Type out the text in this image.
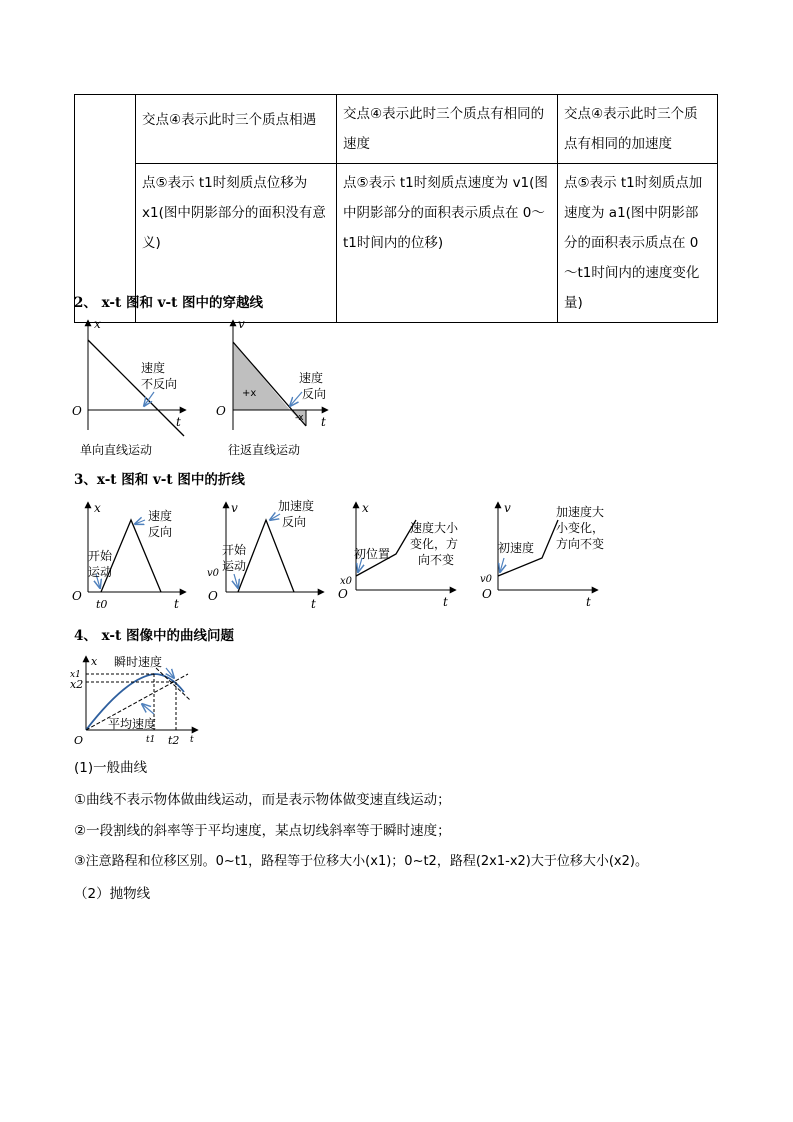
	交点④表示此时三个质点相遇	交点④表示此时三个质点有相同的速度	交点④表示此时三个质点有相同的加速度
	点⑤表示 t1时刻质点位移为 x1(图中阴影部分的面积没有意义)	点⑤表示 t1时刻质点速度为 v1(图中阴影部分的面积表示质点在 0～t1时间内的位移)	点⑤表示 t1时刻质点加速度为 a1(图中阴影部分的面积表示质点在 0～t1时间内的速度变化量)
2、 x-t 图和 v-t 图中的穿越线
x
O
t
速度
不反向
单向直线运动
v
O
t
+x
-x
速度
反向
往返直线运动
3、x-t 图和 v-t 图中的折线
x
O
t
t0
速度
反向
开始
运动
v
O
t
v0
加速度
反向
开始
运动
x
O
t
x0
初位置
速度大小
变化，方
向不变
v
O
t
v0
初速度
加速度大
小变化，
方向不变
4、 x-t 图像中的曲线问题
x
x1
x2
O	t1 t2 t
瞬时速度
平均速度
(1)一般曲线
①曲线不表示物体做曲线运动，而是表示物体做变速直线运动；
②一段割线的斜率等于平均速度，某点切线斜率等于瞬时速度；
③注意路程和位移区别。0~t1，路程等于位移大小(x1)；0~t2，路程(2x1-x2)大于位移大小(x2)。
（2）抛物线
